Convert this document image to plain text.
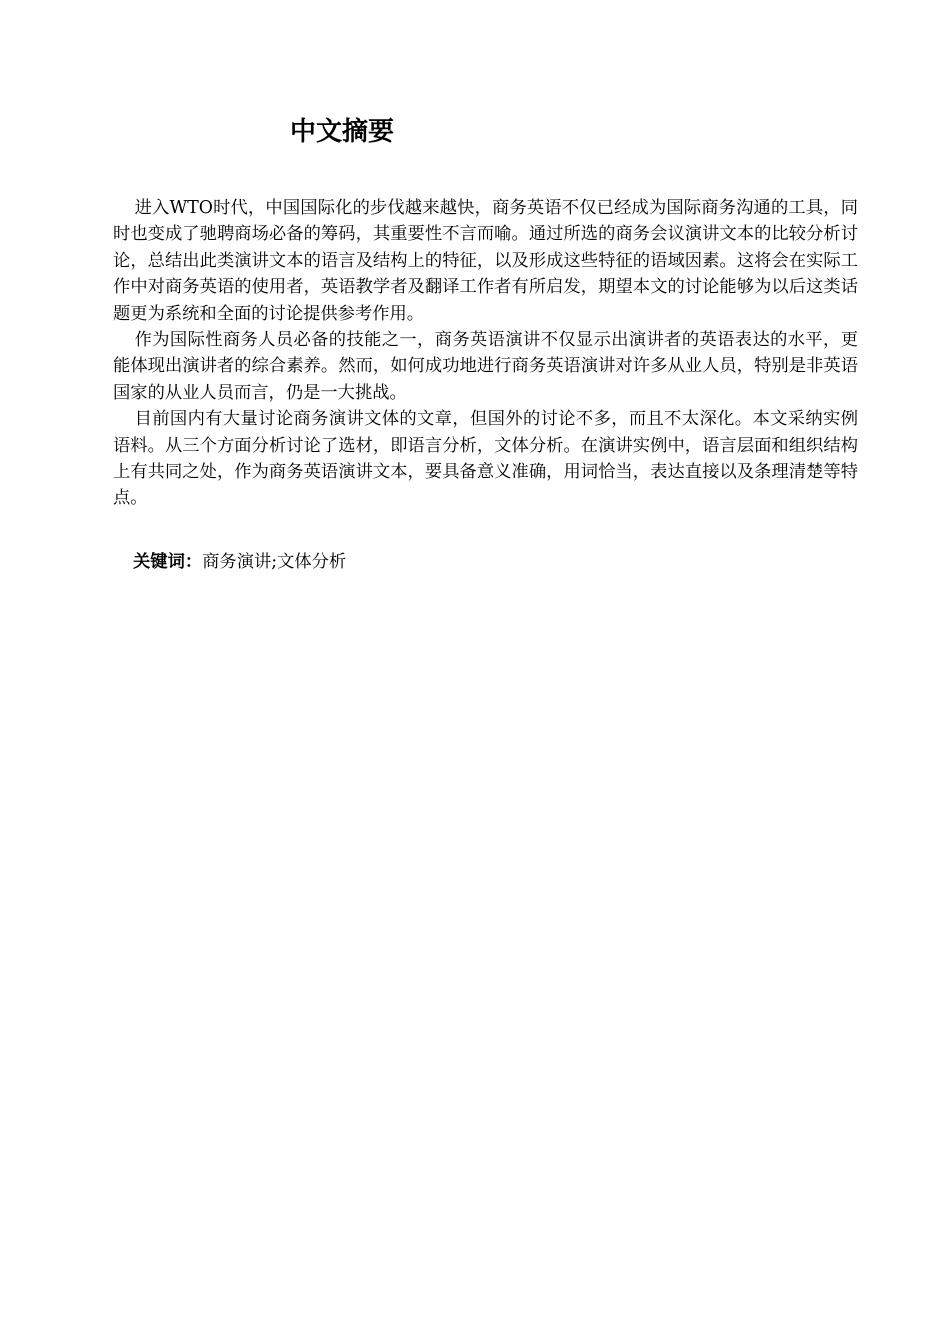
中文摘要

进入WTO时代，中国国际化的步伐越来越快，商务英语不仅已经成为国际商务沟通的工具，同时也变成了驰聘商场必备的筹码，其重要性不言而喻。通过所选的商务会议演讲文本的比较分析讨论，总结出此类演讲文本的语言及结构上的特征，以及形成这些特征的语域因素。这将会在实际工作中对商务英语的使用者，英语教学者及翻译工作者有所启发，期望本文的讨论能够为以后这类话题更为系统和全面的讨论提供参考作用。

作为国际性商务人员必备的技能之一，商务英语演讲不仅显示出演讲者的英语表达的水平，更能体现出演讲者的综合素养。然而，如何成功地进行商务英语演讲对许多从业人员，特别是非英语国家的从业人员而言，仍是一大挑战。

目前国内有大量讨论商务演讲文体的文章，但国外的讨论不多，而且不太深化。本文采纳实例语料。从三个方面分析讨论了选材，即语言分析，文体分析。在演讲实例中，语言层面和组织结构上有共同之处，作为商务英语演讲文本，要具备意义准确，用词恰当，表达直接以及条理清楚等特点。

关键词：商务演讲;文体分析
